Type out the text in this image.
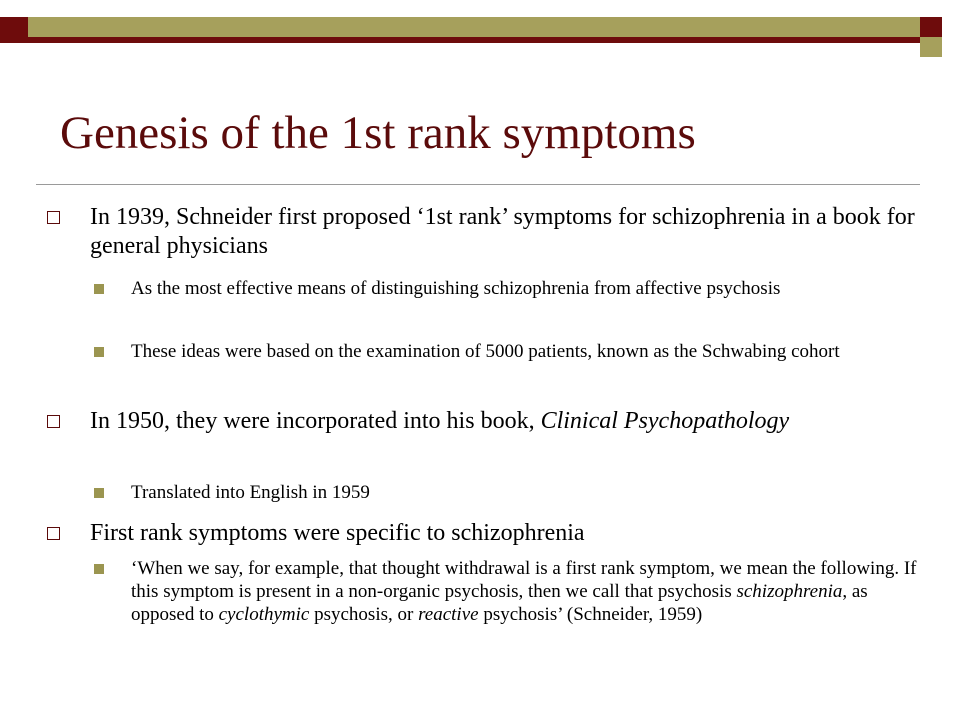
Genesis of the 1st rank symptoms

In 1939, Schneider first proposed ‘1st rank’ symptoms for schizophrenia in a book for general physicians

As the most effective means of distinguishing schizophrenia from affective psychosis

These ideas were based on the examination of 5000 patients, known as the Schwabing cohort

In 1950, they were incorporated into his book, Clinical Psychopathology

Translated into English in 1959

First rank symptoms were specific to schizophrenia

‘When we say, for example, that thought withdrawal is a first rank symptom, we mean the following. If this symptom is present in a non-organic psychosis, then we call that psychosis schizophrenia, as opposed to cyclothymic psychosis, or reactive psychosis’ (Schneider, 1959)
